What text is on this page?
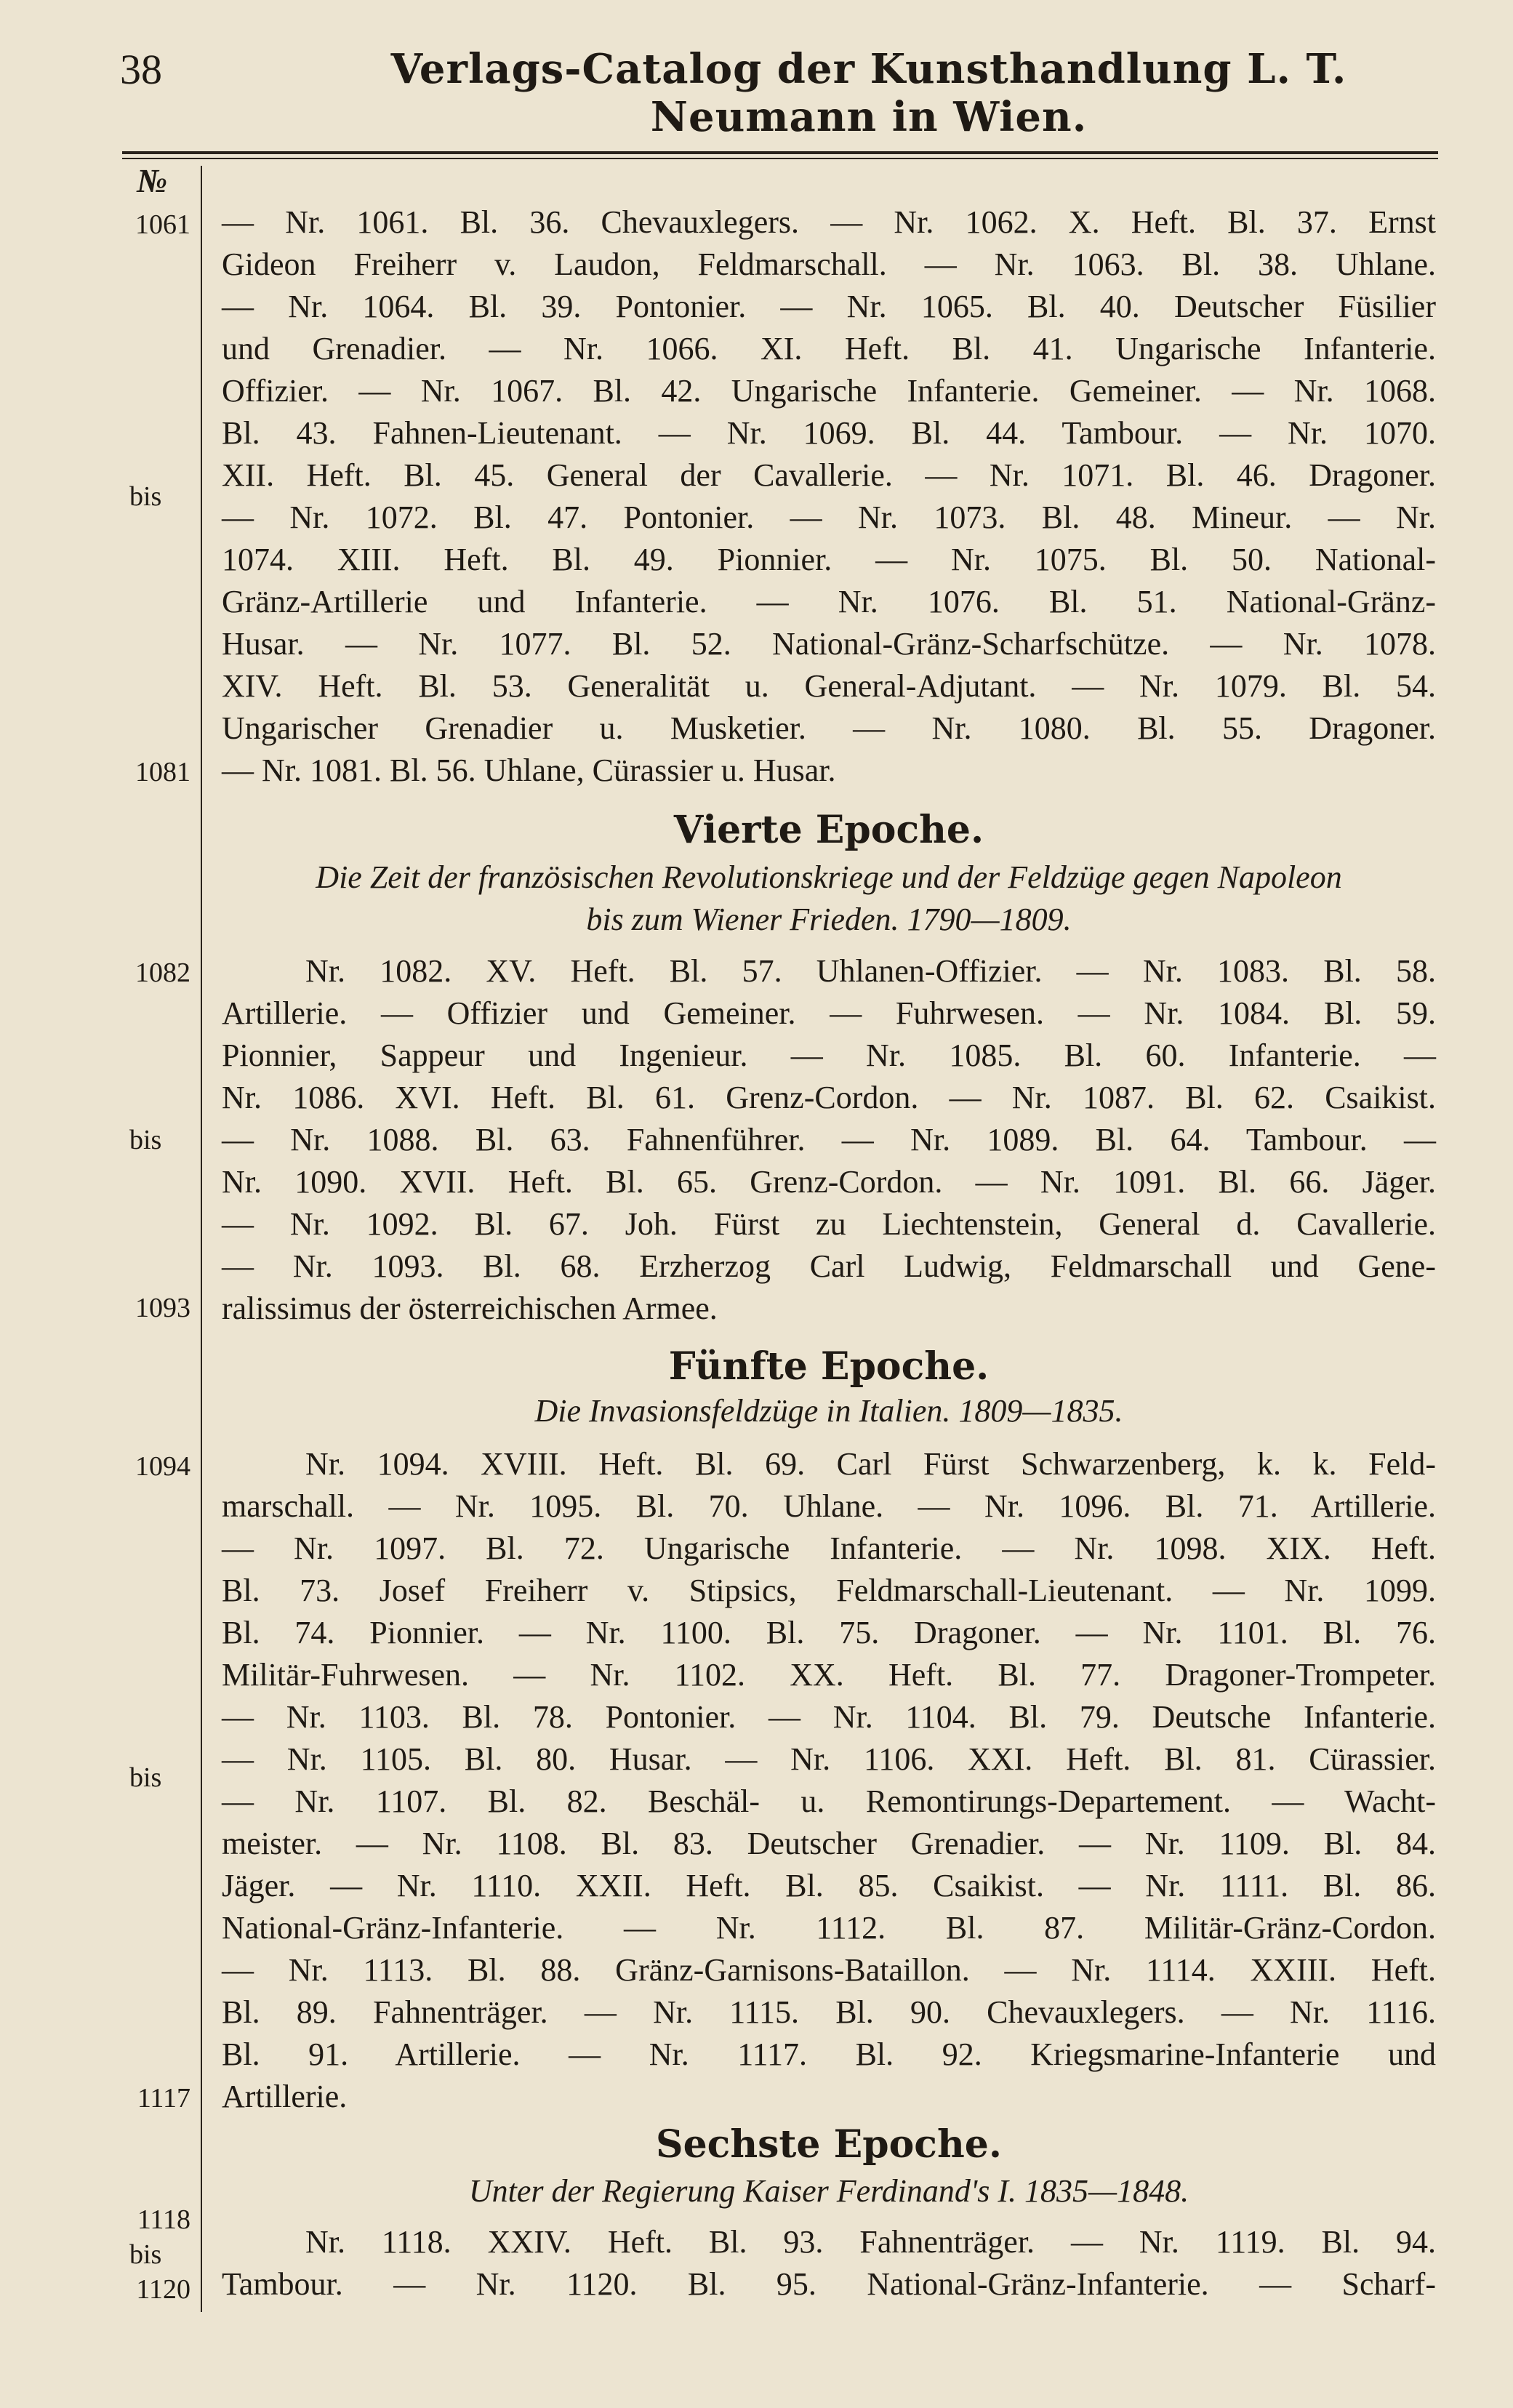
38	Verlags-Catalog der Kunsthandlung L. T. Neumann in Wien.
№
1061
bis
1081
1082
bis
1093
1094
bis
1117
1118
bis
1120
— Nr. 1061. Bl. 36. Chevauxlegers. — Nr. 1062. X. Heft. Bl. 37. Ernst
Gideon Freiherr v. Laudon, Feldmarschall. — Nr. 1063. Bl. 38. Uhlane.
— Nr. 1064. Bl. 39. Pontonier. — Nr. 1065. Bl. 40. Deutscher Füsilier
und Grenadier. — Nr. 1066. XI. Heft. Bl. 41. Ungarische Infanterie.
Offizier. — Nr. 1067. Bl. 42. Ungarische Infanterie. Gemeiner. — Nr. 1068.
Bl. 43. Fahnen-Lieutenant. — Nr. 1069. Bl. 44. Tambour. — Nr. 1070.
XII. Heft. Bl. 45. General der Cavallerie. — Nr. 1071. Bl. 46. Dragoner.
— Nr. 1072. Bl. 47. Pontonier. — Nr. 1073. Bl. 48. Mineur. — Nr.
1074. XIII. Heft. Bl. 49. Pionnier. — Nr. 1075. Bl. 50. National-
Gränz-Artillerie und Infanterie. — Nr. 1076. Bl. 51. National-Gränz-
Husar. — Nr. 1077. Bl. 52. National-Gränz-Scharfschütze. — Nr. 1078.
XIV. Heft. Bl. 53. Generalität u. General-Adjutant. — Nr. 1079. Bl. 54.
Ungarischer Grenadier u. Musketier. — Nr. 1080. Bl. 55. Dragoner.
— Nr. 1081. Bl. 56. Uhlane, Cürassier u. Husar.
Vierte Epoche.
Die Zeit der französischen Revolutionskriege und der Feldzüge gegen Napoleon
bis zum Wiener Frieden. 1790—1809.
Nr. 1082. XV. Heft. Bl. 57. Uhlanen-Offizier. — Nr. 1083. Bl. 58.
Artillerie. — Offizier und Gemeiner. — Fuhrwesen. — Nr. 1084. Bl. 59.
Pionnier, Sappeur und Ingenieur. — Nr. 1085. Bl. 60. Infanterie. —
Nr. 1086. XVI. Heft. Bl. 61. Grenz-Cordon. — Nr. 1087. Bl. 62. Csaikist.
— Nr. 1088. Bl. 63. Fahnenführer. — Nr. 1089. Bl. 64. Tambour. —
Nr. 1090. XVII. Heft. Bl. 65. Grenz-Cordon. — Nr. 1091. Bl. 66. Jäger.
— Nr. 1092. Bl. 67. Joh. Fürst zu Liechtenstein, General d. Cavallerie.
— Nr. 1093. Bl. 68. Erzherzog Carl Ludwig, Feldmarschall und Gene-
ralissimus der österreichischen Armee.
Fünfte Epoche.
Die Invasionsfeldzüge in Italien. 1809—1835.
Nr. 1094. XVIII. Heft. Bl. 69. Carl Fürst Schwarzenberg, k. k. Feld-
marschall. — Nr. 1095. Bl. 70. Uhlane. — Nr. 1096. Bl. 71. Artillerie.
— Nr. 1097. Bl. 72. Ungarische Infanterie. — Nr. 1098. XIX. Heft.
Bl. 73. Josef Freiherr v. Stipsics, Feldmarschall-Lieutenant. — Nr. 1099.
Bl. 74. Pionnier. — Nr. 1100. Bl. 75. Dragoner. — Nr. 1101. Bl. 76.
Militär-Fuhrwesen. — Nr. 1102. XX. Heft. Bl. 77. Dragoner-Trompeter.
— Nr. 1103. Bl. 78. Pontonier. — Nr. 1104. Bl. 79. Deutsche Infanterie.
— Nr. 1105. Bl. 80. Husar. — Nr. 1106. XXI. Heft. Bl. 81. Cürassier.
— Nr. 1107. Bl. 82. Beschäl- u. Remontirungs-Departement. — Wacht-
meister. — Nr. 1108. Bl. 83. Deutscher Grenadier. — Nr. 1109. Bl. 84.
Jäger. — Nr. 1110. XXII. Heft. Bl. 85. Csaikist. — Nr. 1111. Bl. 86.
National-Gränz-Infanterie. — Nr. 1112. Bl. 87. Militär-Gränz-Cordon.
— Nr. 1113. Bl. 88. Gränz-Garnisons-Bataillon. — Nr. 1114. XXIII. Heft.
Bl. 89. Fahnenträger. — Nr. 1115. Bl. 90. Chevauxlegers. — Nr. 1116.
Bl. 91. Artillerie. — Nr. 1117. Bl. 92. Kriegsmarine-Infanterie und
Artillerie.
Sechste Epoche.
Unter der Regierung Kaiser Ferdinand's I. 1835—1848.
Nr. 1118. XXIV. Heft. Bl. 93. Fahnenträger. — Nr. 1119. Bl. 94.
Tambour. — Nr. 1120. Bl. 95. National-Gränz-Infanterie. — Scharf-
